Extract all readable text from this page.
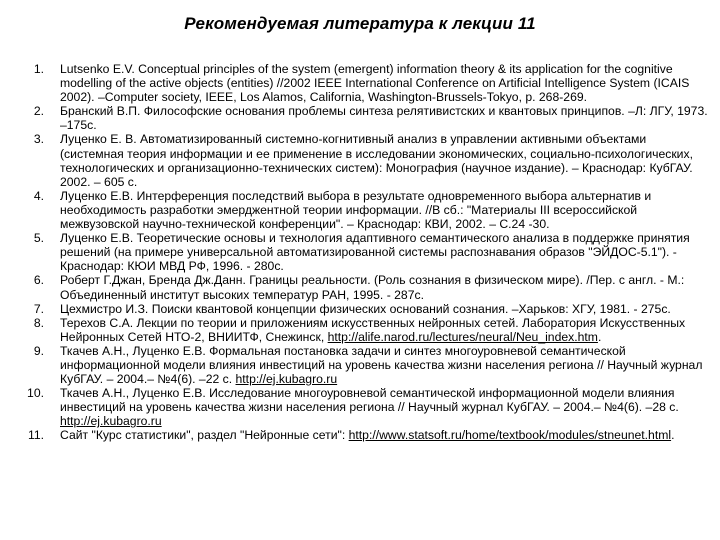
Рекомендуемая литература к лекции 11
1. Lutsenko E.V. Conceptual principles of the system (emergent) information theory & its application for the cognitive modelling of the active objects (entities) //2002 IEEE International Conference on Artificial Intelligence System (ICAIS 2002). –Computer society, IEEE, Los Alamos, California, Washington-Brussels-Tokyo, p. 268-269.
2. Бранский В.П. Философские основания проблемы синтеза релятивистских и квантовых принципов. –Л: ЛГУ, 1973. –175с.
3. Луценко Е. В. Автоматизированный системно-когнитивный анализ в управлении активными объектами (системная теория информации и ее применение в исследовании экономических, социально-психологических, технологических и организационно-технических систем): Монография (научное издание). – Краснодар: КубГАУ. 2002. – 605 с.
4. Луценко Е.В. Интерференция последствий выбора в результате одновременного выбора альтернатив и необходимость разработки эмерджентной теории информации. //В сб.: "Материалы III всероссийской межвузовской научно-технической конференции". – Краснодар: КВИ, 2002. – С.24 -30.
5. Луценко Е.В. Теоретические основы и технология адаптивного семантического анализа в поддержке принятия решений (на примере универсальной автоматизированной системы распознавания образов "ЭЙДОС-5.1"). - Краснодар: КЮИ МВД РФ, 1996. - 280с.
6. Роберт Г.Джан, Бренда Дж.Данн. Границы реальности. (Роль сознания в физическом мире). /Пер. с англ. - М.: Объединенный институт высоких температур РАН, 1995. - 287с.
7. Цехмистро И.З. Поиски квантовой концепции физических оснований сознания. –Харьков: ХГУ, 1981. - 275с.
8. Терехов С.А. Лекции по теории и приложениям искусственных нейронных сетей. Лаборатория Искусственных Нейронных Сетей НТО-2, ВНИИТФ, Снежинск, http://alife.narod.ru/lectures/neural/Neu_index.htm.
9. Ткачев А.Н., Луценко Е.В. Формальная постановка задачи и синтез многоуровневой семантической информационной модели влияния инвестиций на уровень качества жизни населения региона // Научный журнал КубГАУ. – 2004.– №4(6). –22 с. http://ej.kubagro.ru
10. Ткачев А.Н., Луценко Е.В. Исследование многоуровневой семантической информационной модели влияния инвестиций на уровень качества жизни населения региона // Научный журнал КубГАУ. – 2004.– №4(6). –28 с. http://ej.kubagro.ru
11. Сайт "Курс статистики", раздел "Нейронные сети": http://www.statsoft.ru/home/textbook/modules/stneunet.html.
